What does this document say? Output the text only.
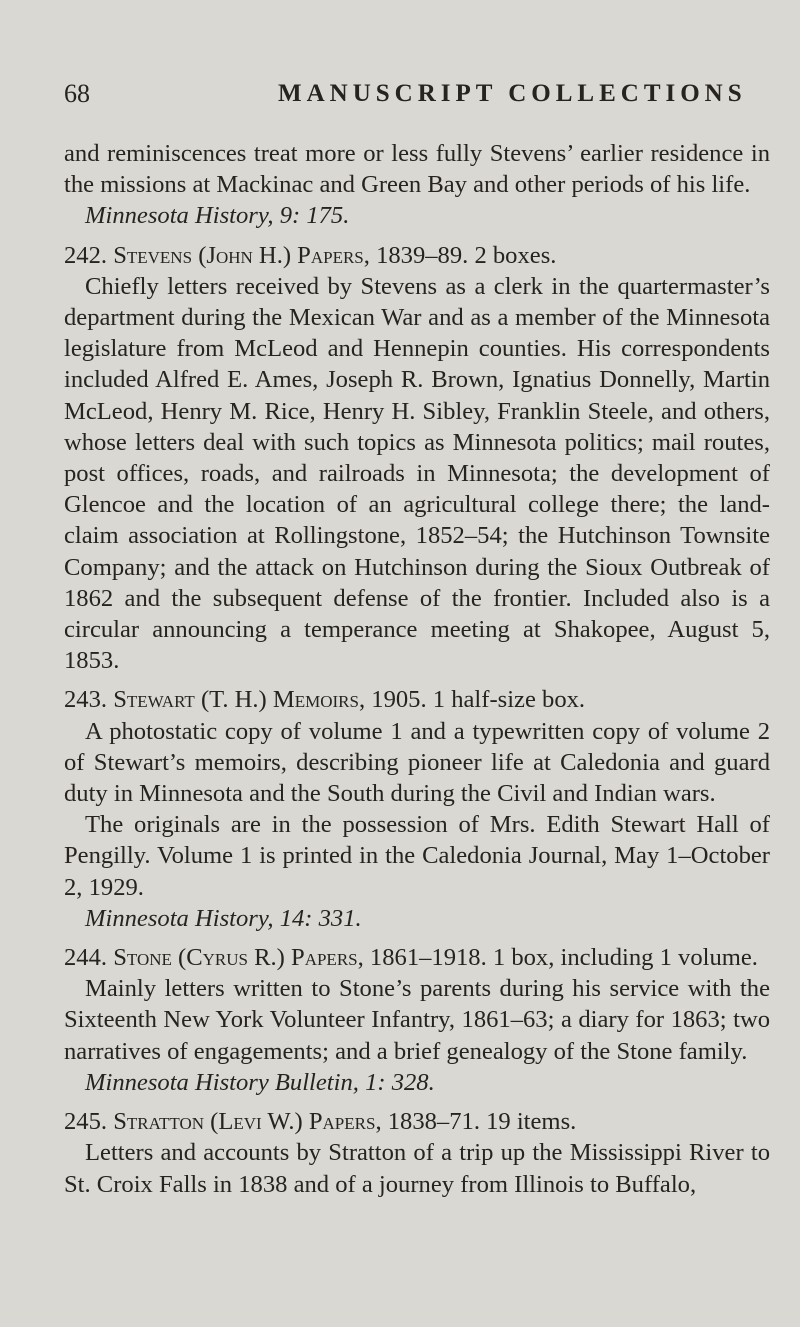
68	MANUSCRIPT COLLECTIONS

and reminiscences treat more or less fully Stevens’ earlier residence in the missions at Mackinac and Green Bay and other periods of his life.

Minnesota History, 9: 175.

242. Stevens (John H.) Papers, 1839–89. 2 boxes.

Chiefly letters received by Stevens as a clerk in the quartermaster’s department during the Mexican War and as a member of the Minnesota legislature from McLeod and Hennepin counties. His correspondents included Alfred E. Ames, Joseph R. Brown, Ignatius Donnelly, Martin McLeod, Henry M. Rice, Henry H. Sibley, Franklin Steele, and others, whose letters deal with such topics as Minnesota politics; mail routes, post offices, roads, and railroads in Minnesota; the development of Glencoe and the location of an agricultural college there; the land-claim association at Rollingstone, 1852–54; the Hutchinson Townsite Company; and the attack on Hutchinson during the Sioux Outbreak of 1862 and the subsequent defense of the frontier. Included also is a circular announcing a temperance meeting at Shakopee, August 5, 1853.

243. Stewart (T. H.) Memoirs, 1905. 1 half-size box.

A photostatic copy of volume 1 and a typewritten copy of volume 2 of Stewart’s memoirs, describing pioneer life at Caledonia and guard duty in Minnesota and the South during the Civil and Indian wars.

The originals are in the possession of Mrs. Edith Stewart Hall of Pengilly. Volume 1 is printed in the Caledonia Journal, May 1–October 2, 1929.

Minnesota History, 14: 331.

244. Stone (Cyrus R.) Papers, 1861–1918. 1 box, including 1 volume.

Mainly letters written to Stone’s parents during his service with the Sixteenth New York Volunteer Infantry, 1861–63; a diary for 1863; two narratives of engagements; and a brief genealogy of the Stone family.

Minnesota History Bulletin, 1: 328.

245. Stratton (Levi W.) Papers, 1838–71. 19 items.

Letters and accounts by Stratton of a trip up the Mississippi River to St. Croix Falls in 1838 and of a journey from Illinois to Buffalo,
